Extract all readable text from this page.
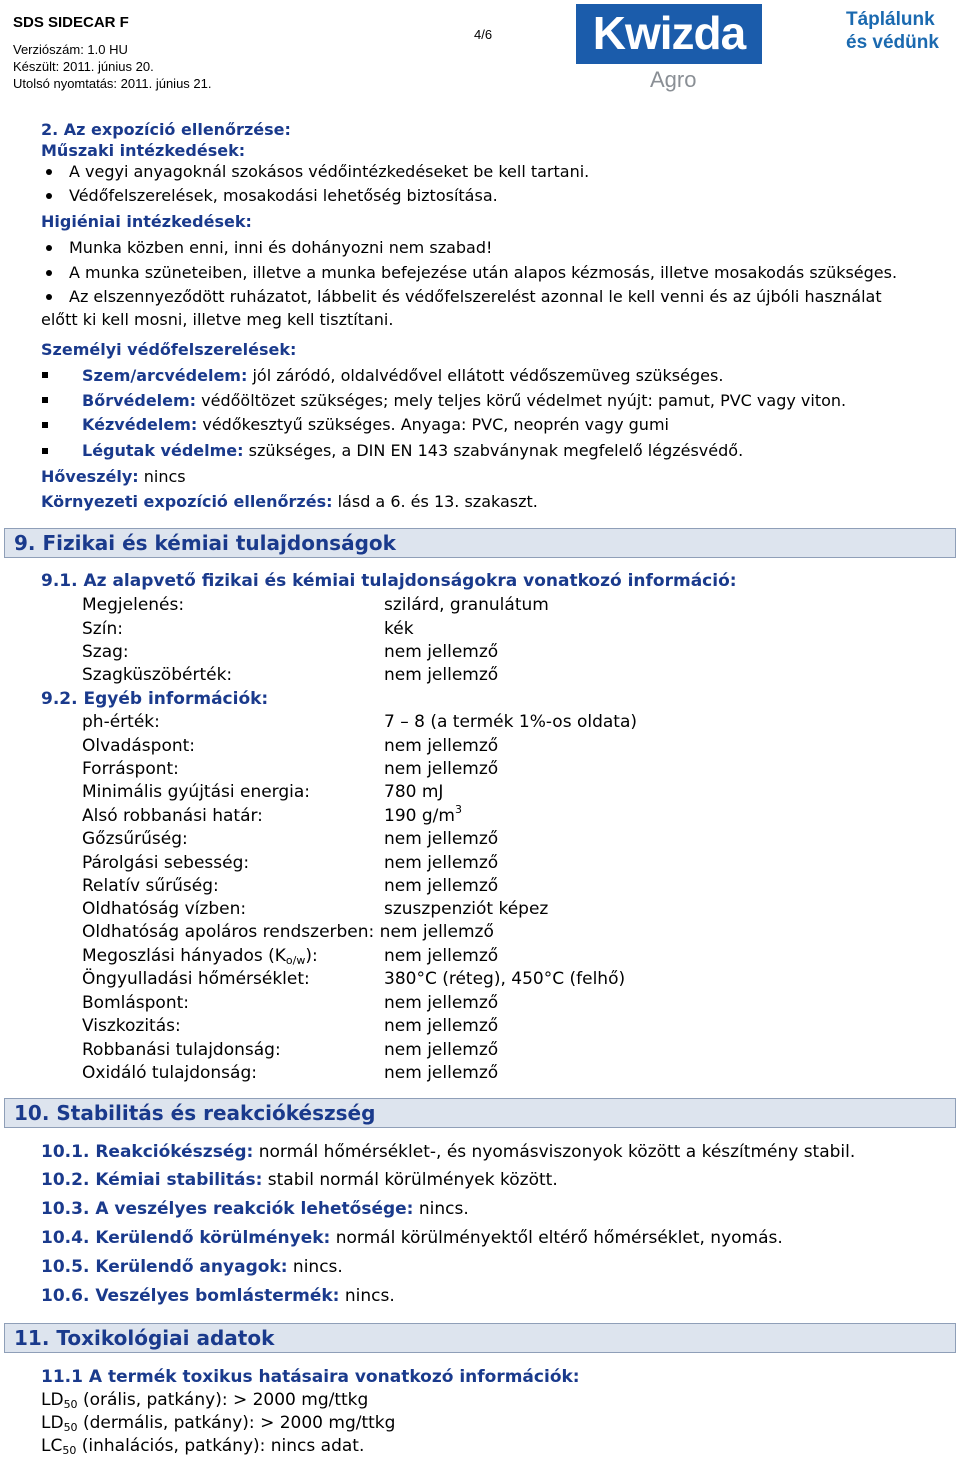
SDS SIDECAR F
Verziószám: 1.0 HU
Készült: 2011. június 20.
Utolsó nyomtatás: 2011. június 21.
4/6	Kwizda
Agro
Táplálunk
és védünk
2. Az expozíció ellenőrzése:
Műszaki intézkedések:
A vegyi anyagoknál szokásos védőintézkedéseket be kell tartani.
Védőfelszerelések, mosakodási lehetőség biztosítása.
Higiéniai intézkedések:
Munka közben enni, inni és dohányozni nem szabad!
A munka szüneteiben, illetve a munka befejezése után alapos kézmosás, illetve mosakodás szükséges.
Az elszennyeződött ruházatot, lábbelit és védőfelszerelést azonnal le kell venni és az újbóli használat
előtt ki kell mosni, illetve meg kell tisztítani.
Személyi védőfelszerelések:
Szem/arcvédelem: jól záródó, oldalvédővel ellátott védőszemüveg szükséges.
Bőrvédelem: védőöltözet szükséges; mely teljes körű védelmet nyújt: pamut, PVC vagy viton.
Kézvédelem: védőkesztyű szükséges. Anyaga: PVC, neoprén vagy gumi
Légutak védelme: szükséges, a DIN EN 143 szabványnak megfelelő légzésvédő.
Hőveszély: nincs
Környezeti expozíció ellenőrzés: lásd a 6. és 13. szakaszt.
9. Fizikai és kémiai tulajdonságok
9.1. Az alapvető fizikai és kémiai tulajdonságokra vonatkozó információ:
Megjelenés:	szilárd, granulátum
Szín:	kék
Szag:	nem jellemző
Szagküszöbérték:	nem jellemző
9.2. Egyéb információk:
ph-érték:	7 – 8 (a termék 1%-os oldata)
Olvadáspont:	nem jellemző
Forráspont:	nem jellemző
Minimális gyújtási energia:	780 mJ
Alsó robbanási határ:	190 $g/m^3$
Gőzsűrűség:	nem jellemző
Párolgási sebesség:	nem jellemző
Relatív sűrűség:	nem jellemző
Oldhatóság vízben:	szuszpenziót képez
Oldhatóság apoláros rendszerben: nem jellemző
Megoszlási hányados $(K_{o/w})$:	nem jellemző
Öngyulladási hőmérséklet:	380°C (réteg), 450°C (felhő)
Bomláspont:	nem jellemző
Viszkozitás:	nem jellemző
Robbanási tulajdonság:	nem jellemző
Oxidáló tulajdonság:	nem jellemző
10. Stabilitás és reakciókészség
10.1. Reakciókészség: normál hőmérséklet-, és nyomásviszonyok között a készítmény stabil.
10.2. Kémiai stabilitás: stabil normál körülmények között.
10.3. A veszélyes reakciók lehetősége: nincs.
10.4. Kerülendő körülmények: normál körülményektől eltérő hőmérséklet, nyomás.
10.5. Kerülendő anyagok: nincs.
10.6. Veszélyes bomlástermék: nincs.
11. Toxikológiai adatok
11.1 A termék toxikus hatásaira vonatkozó információk:
$LD_{50}$ (orális, patkány): > 2000 mg/ttkg
$LD_{50}$ (dermális, patkány): > 2000 mg/ttkg
$LC_{50}$ (inhalációs, patkány): nincs adat.
